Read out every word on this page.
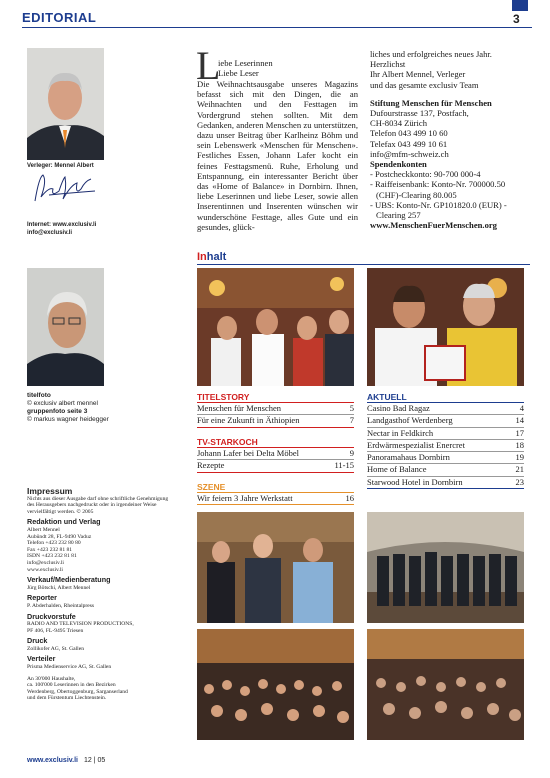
EDITORIAL	3
Verleger: Mennel Albert
Internet: www.exclusiv.li
info@exclusiv.li
L
iebe Leserinnen
Liebe Leser
Die Weihnachtsausgabe unseres Magazins befasst sich mit den Dingen, die an Weihnachten und den Festtagen im Vordergrund stehen sollten. Mit dem Gedanken, anderen Menschen zu unterstützen, dazu unser Beitrag über Karlheinz Böhm und sein Lebenswerk «Menschen für Menschen». Festliches Essen, Johann Lafer kocht ein feines Festtagsmenü. Ruhe, Erholung und Entspannung, ein interessanter Bericht über das «Home of Balance» in Dornbirn. Ihnen, liebe Leserinnen und liebe Leser, sowie allen Inserentinnen und Inserenten wünschen wir wunderschöne Festtage, alles Gute und ein gesundes, glück-
liches und erfolgreiches neues Jahr.
Herzlichst
Ihr Albert Mennel, Verleger
und das gesamte exclusiv Team
Stiftung Menschen für Menschen
Dufourstrasse 137, Postfach,
CH-8034 Zürich
Telefon 043 499 10 60
Telefax 043 499 10 61
info@mfm-schweiz.ch
Spendenkonten
- Postcheckkonto: 90-700 000-4
- Raiffeisenbank: Konto-Nr. 700000.50
(CHF)-Clearing 80.005
- UBS: Konto-Nr. GP101820.0 (EUR) -
Clearing 257
www.MenschenFuerMenschen.org
Inhalt
titelfoto
© exclusiv albert mennel
gruppenfoto seite 3
© markus wagner heidegger
TITELSTORY
Menschen für Menschen	5
Für eine Zukunft in Äthiopien	7
TV-STARKOCH
Johann Lafer bei Delta Möbel	9
Rezepte	11-15
SZENE
Wir feiern 3 Jahre Werkstatt	16
AKTUELL
Casino Bad Ragaz	4
Landgasthof Werdenberg	14
Nectar in Feldkirch	17
Erdwärmespezialist Enercret	18
Panoramahaus Dornbirn	19
Home of Balance	21
Starwood Hotel in Dornbirn	23
Impressum
Nichts aus dieser Ausgabe darf ohne schriftliche Genehmigung des Herausgebers nachgedruckt oder in irgendeiner Weise vervielfältigt werden. © 2005
Redaktion und Verlag
Albert Mennel
Aubündt 28, FL-9490 Vaduz
Telefon +423 232 80 80
Fax +423 232 81 81
ISDN +423 232 81 81
info@exclusiv.li
www.exclusiv.li
Verkauf/Medienberatung
Jürg Bötschi, Albert Mennel
Reporter
P. Abderhalden, Rheintalpress
Druckvorstufe
RADIO AND TELEVISION PRODUCTIONS,
PF 406, FL-9495 Triesen
Druck
Zollikofer AG, St. Gallen
Verteiler
Prisma Medienservice AG, St. Gallen
An 30'000 Haushalte,
ca. 100'000 Leserinnen in den Bezirken
Werdenberg, Obertoggenburg, Sarganserland
und dem Fürstentum Liechtenstein.
www.exclusiv.li 12 | 05
